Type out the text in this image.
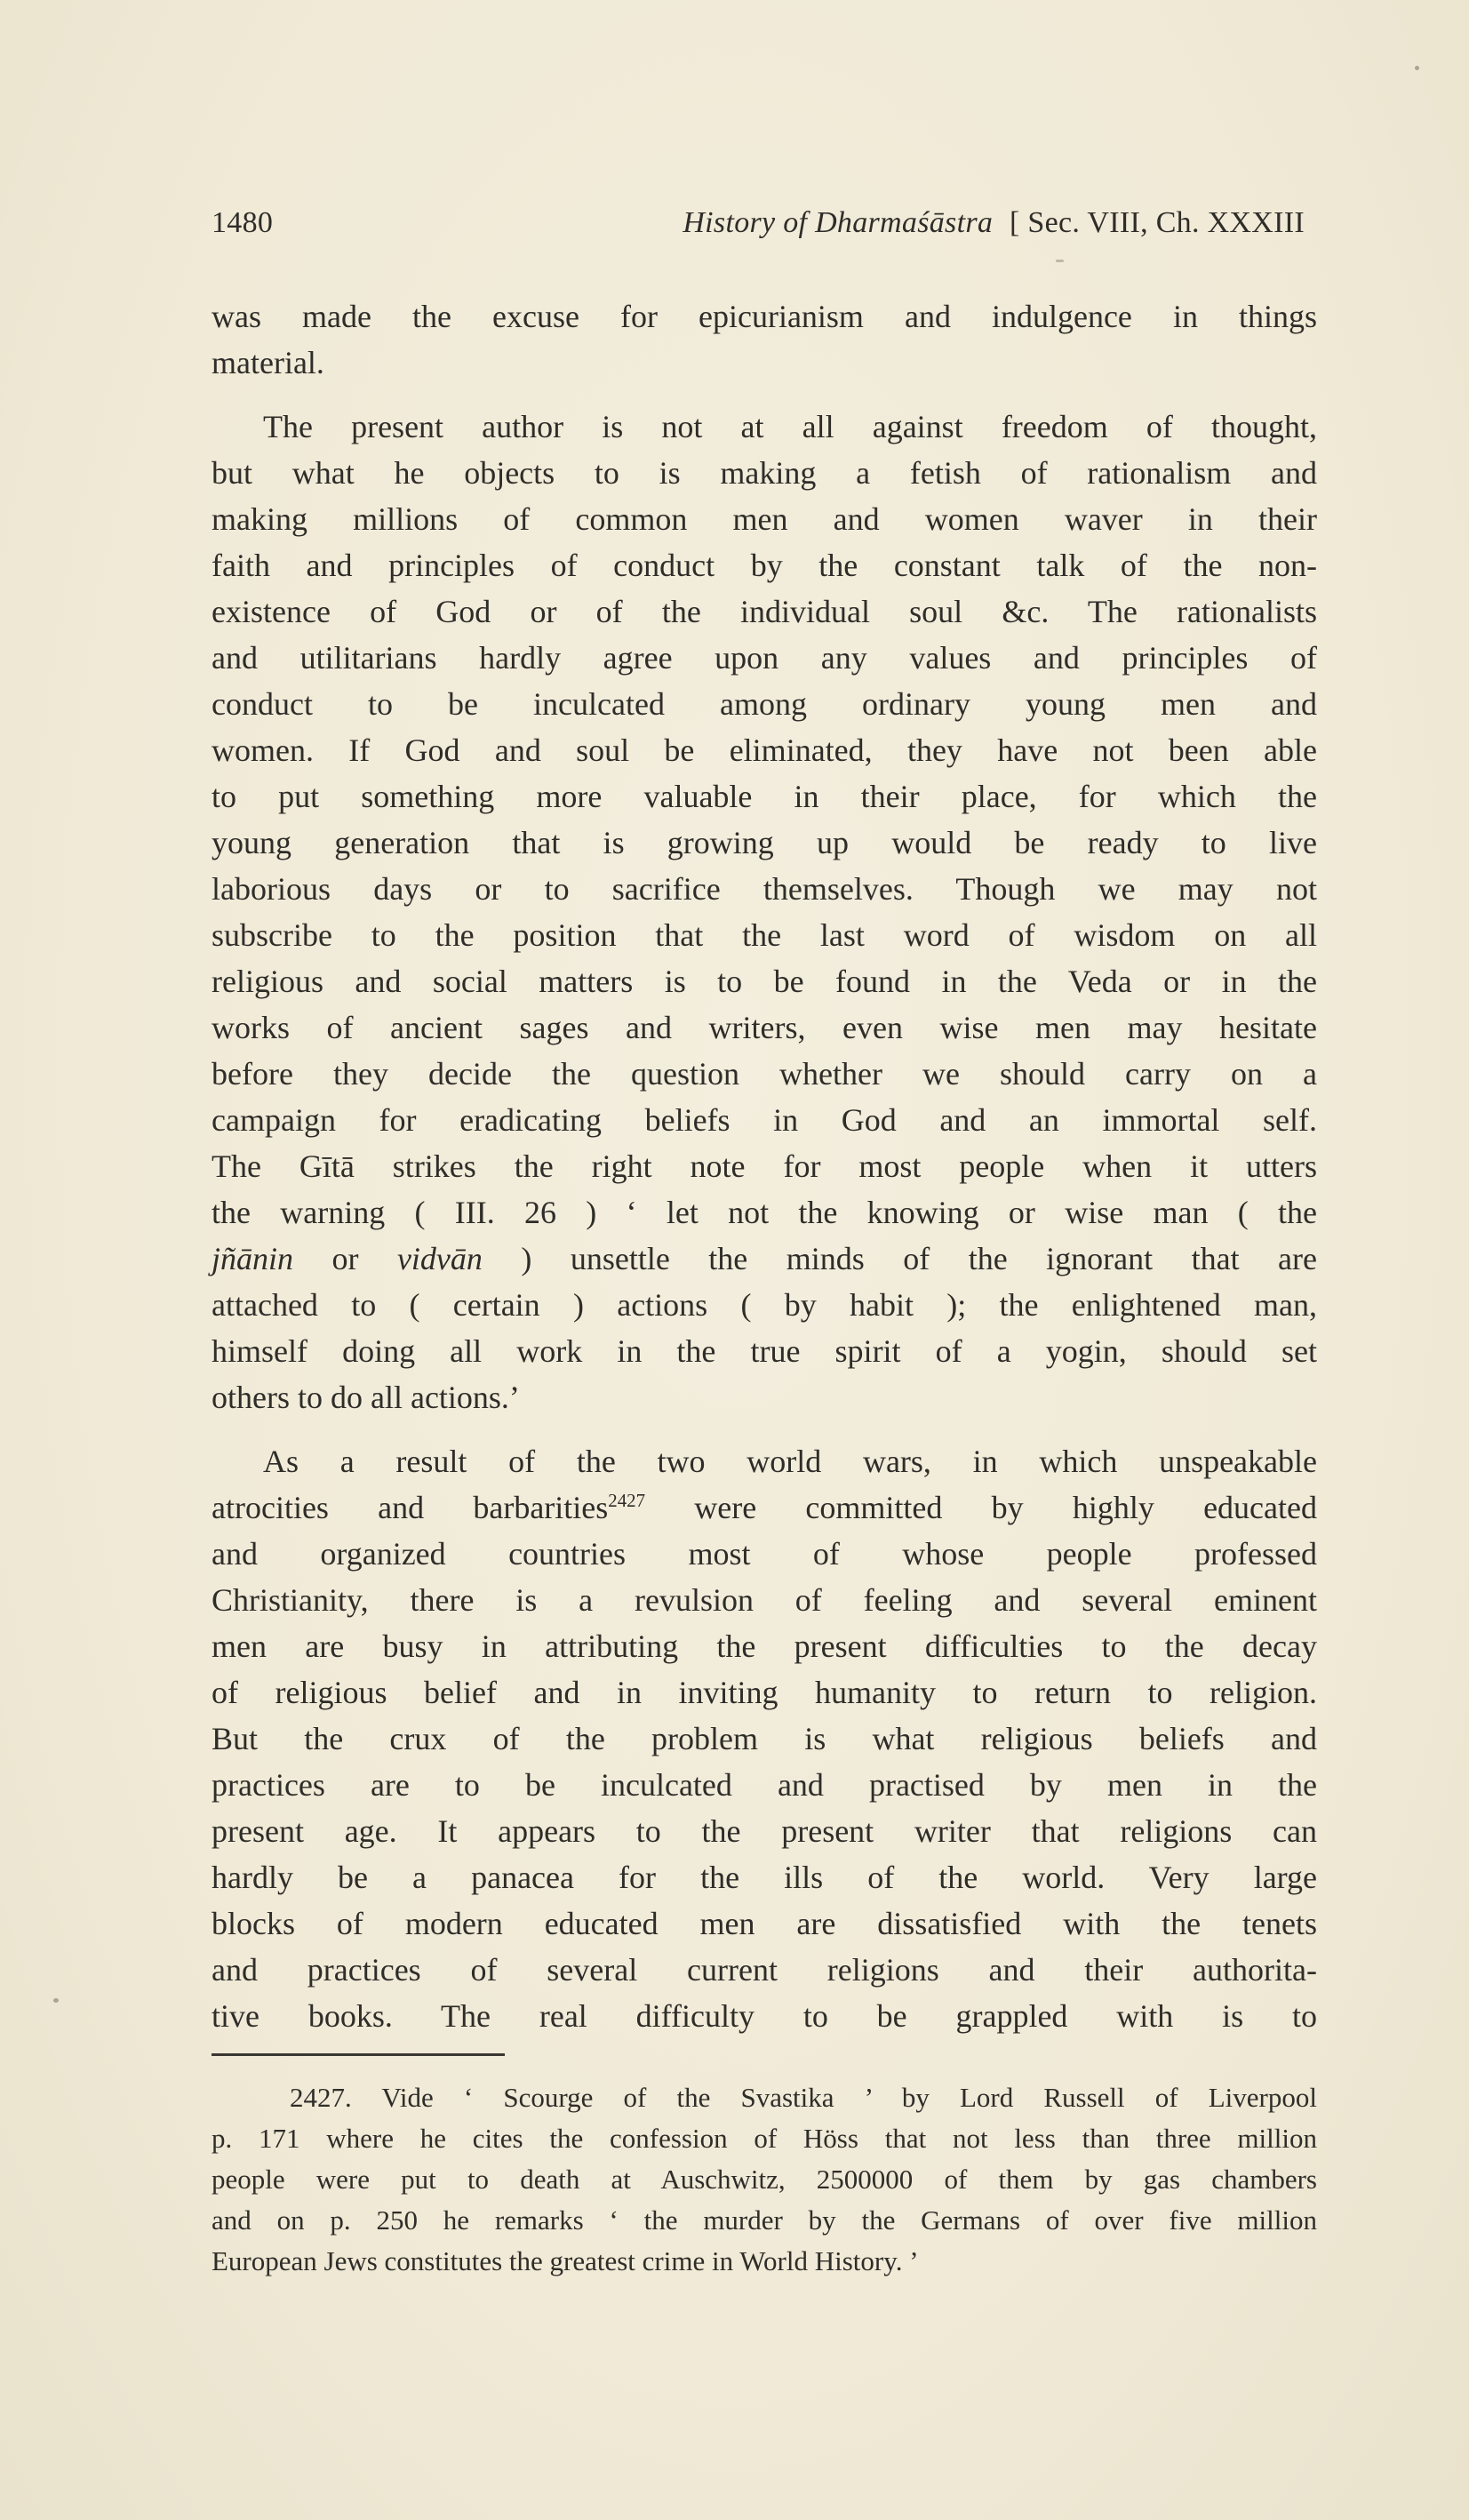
1480	History of Dharmaśāstra [ Sec. VIII, Ch. XXXIII
was made the excuse for epicurianism and indulgence in things
material.
The present author is not at all against freedom of thought,
but what he objects to is making a fetish of rationalism and
making millions of common men and women waver in their
faith and principles of conduct by the constant talk of the non-
existence of God or of the individual soul &c. The rationalists
and utilitarians hardly agree upon any values and principles of
conduct to be inculcated among ordinary young men and
women. If God and soul be eliminated, they have not been able
to put something more valuable in their place, for which the
young generation that is growing up would be ready to live
laborious days or to sacrifice themselves. Though we may not
subscribe to the position that the last word of wisdom on all
religious and social matters is to be found in the Veda or in the
works of ancient sages and writers, even wise men may hesitate
before they decide the question whether we should carry on a
campaign for eradicating beliefs in God and an immortal self.
The Gītā strikes the right note for most people when it utters
the warning ( III. 26 ) ‘ let not the knowing or wise man ( the
jñānin or vidvān ) unsettle the minds of the ignorant that are
attached to ( certain ) actions ( by habit ); the enlightened man,
himself doing all work in the true spirit of a yogin, should set
others to do all actions.’
As a result of the two world wars, in which unspeakable
atrocities and barbarities$^{2427}$ were committed by highly educated
and organized countries most of whose people professed
Christianity, there is a revulsion of feeling and several eminent
men are busy in attributing the present difficulties to the decay
of religious belief and in inviting humanity to return to religion.
But the crux of the problem is what religious beliefs and
practices are to be inculcated and practised by men in the
present age. It appears to the present writer that religions can
hardly be a panacea for the ills of the world. Very large
blocks of modern educated men are dissatisfied with the tenets
and practices of several current religions and their authorita-
tive books. The real difficulty to be grappled with is to
2427. Vide ‘ Scourge of the Svastika ’ by Lord Russell of Liverpool
p. 171 where he cites the confession of Höss that not less than three million
people were put to death at Auschwitz, 2500000 of them by gas chambers
and on p. 250 he remarks ‘ the murder by the Germans of over five million
European Jews constitutes the greatest crime in World History. ’
